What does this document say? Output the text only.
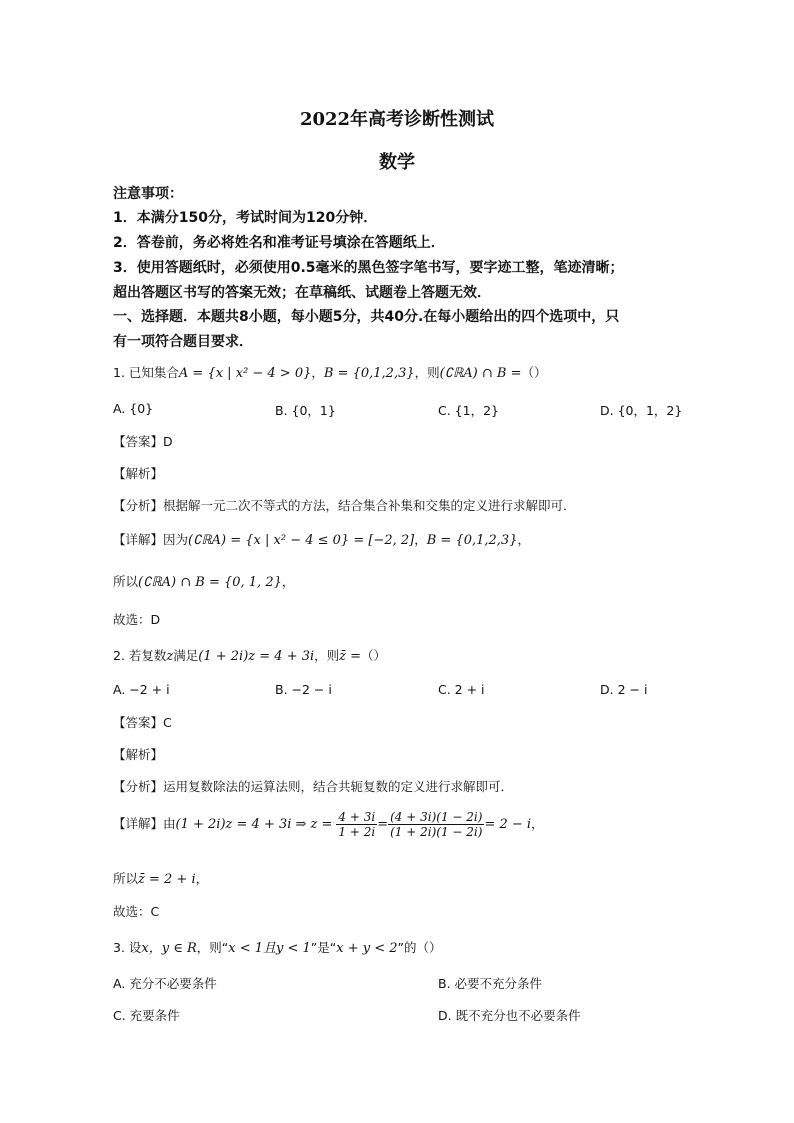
2022年高考诊断性测试
数学
注意事项：
1．本满分150分，考试时间为120分钟．
2．答卷前，务必将姓名和准考证号填涂在答题纸上．
3．使用答题纸时，必须使用0.5毫米的黑色签字笔书写，要字迹工整，笔迹清晰；
超出答题区书写的答案无效；在草稿纸、试题卷上答题无效．
一、选择题．本题共8小题，每小题5分，共40分.在每小题给出的四个选项中，只
有一项符合题目要求．
1. 已知集合A = {x | x² − 4 > 0}，B = {0,1,2,3}，则(∁ℝA) ∩ B =（）
A. {0}	B. {0，1}	C. {1，2}	D. {0，1，2}
【答案】D
【解析】
【分析】根据解一元二次不等式的方法，结合集合补集和交集的定义进行求解即可．
【详解】因为(∁ℝA) = {x | x² − 4 ≤ 0} = [−2, 2]，B = {0,1,2,3}，
所以(∁ℝA) ∩ B = {0, 1, 2}，
故选：D
2. 若复数z满足(1 + 2i)z = 4 + 3i，则z̄ =（）
A. −2 + i	B. −2 − i	C. 2 + i	D. 2 − i
【答案】C
【解析】
【分析】运用复数除法的运算法则，结合共轭复数的定义进行求解即可．
【详解】由(1 + 2i)z = 4 + 3i ⇒ $z = \frac{4 + 3i}{1 + 2i} = \frac{(4 + 3i)(1 - 2i)}{(1 + 2i)(1 - 2i)} = 2 - i$，
所以z̄ = 2 + i，
故选：C
3. 设x，y ∈ R，则“x < 1且y < 1”是“x + y < 2”的（）
A. 充分不必要条件	B. 必要不充分条件
C. 充要条件	D. 既不充分也不必要条件
